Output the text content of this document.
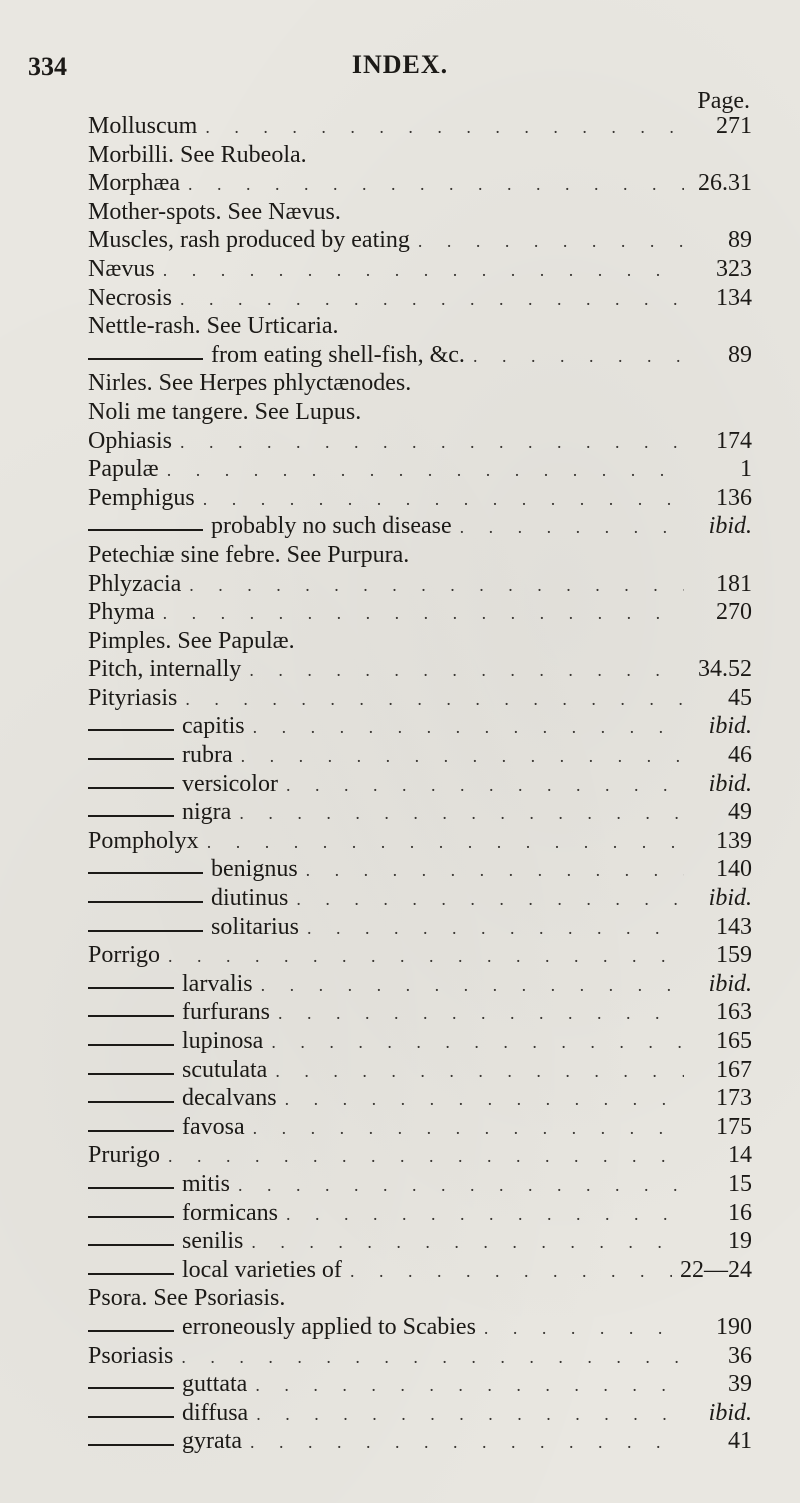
334	INDEX.
Page.
Molluscum . . .	271
Morbilli. See Rubeola.
Morphæa . . .	26.31
Mother-spots. See Nævus.
Muscles, rash produced by eating . . .	89
Nævus . . .	323
Necrosis . . .	134
Nettle-rash. See Urticaria.
from eating shell-fish, &c. . . .	89
Nirles. See Herpes phlyctænodes.
Noli me tangere. See Lupus.
Ophiasis . . .	174
Papulæ . . .	1
Pemphigus . . .	136
probably no such disease . . .	ibid.
Petechiæ sine febre. See Purpura.
Phlyzacia . . .	181
Phyma . . .	270
Pimples. See Papulæ.
Pitch, internally . . .	34.52
Pityriasis . . .	45
capitis . . .	ibid.
rubra . . .	46
versicolor . . .	ibid.
nigra . . .	49
Pompholyx . . .	139
benignus . . .	140
diutinus . . .	ibid.
solitarius . . .	143
Porrigo . . .	159
larvalis . . .	ibid.
furfurans . . .	163
lupinosa . . .	165
scutulata . . .	167
decalvans . . .	173
favosa . . .	175
Prurigo . . .	14
mitis . . .	15
formicans . . .	16
senilis . . .	19
local varieties of . . .	22—24
Psora. See Psoriasis.
erroneously applied to Scabies . . .	190
Psoriasis . . .	36
guttata . . .	39
diffusa . . .	ibid.
gyrata . . .	41
